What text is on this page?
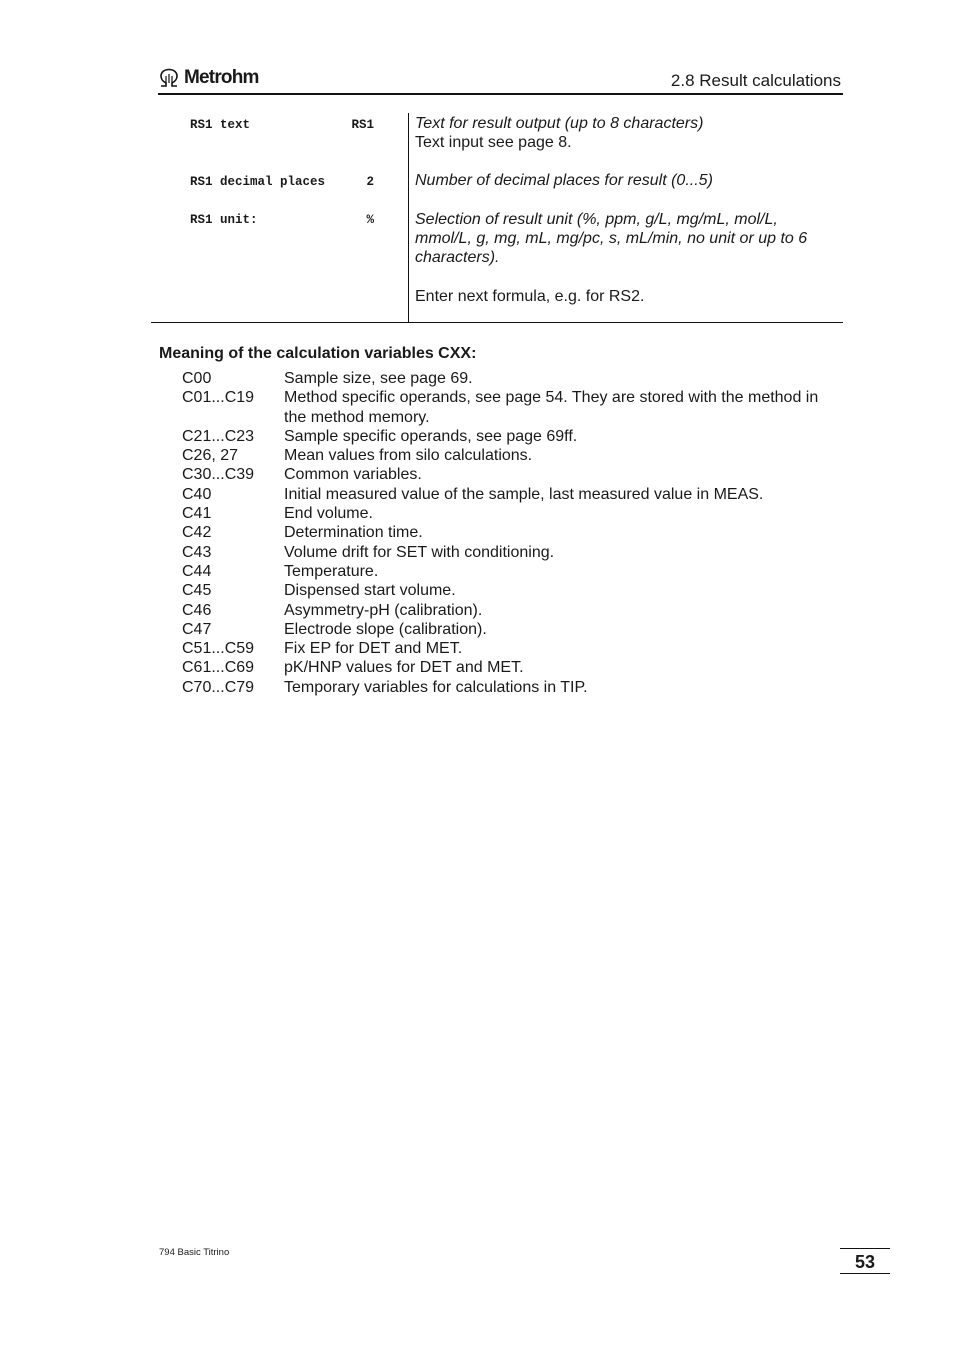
Metrohm	2.8 Result calculations
RS1 text	RS1	Text for result output (up to 8 characters)
Text input see page 8.
RS1 decimal places	2	Number of decimal places for result (0...5)
RS1 unit:	%	Selection of result unit (%, ppm, g/L, mg/mL, mol/L, mmol/L, g, mg, mL, mg/pc, s, mL/min, no unit or up to 6 characters).
Enter next formula, e.g. for RS2.
Meaning of the calculation variables CXX:
C00	Sample size, see page 69.
C01...C19	Method specific operands, see page 54. They are stored with the method in the method memory.
C21...C23	Sample specific operands, see page 69ff.
C26, 27	Mean values from silo calculations.
C30...C39	Common variables.
C40	Initial measured value of the sample, last measured value in MEAS.
C41	End volume.
C42	Determination time.
C43	Volume drift for SET with conditioning.
C44	Temperature.
C45	Dispensed start volume.
C46	Asymmetry-pH (calibration).
C47	Electrode slope (calibration).
C51...C59	Fix EP for DET and MET.
C61...C69	pK/HNP values for DET and MET.
C70...C79	Temporary variables for calculations in TIP.
794 Basic Titrino	53
